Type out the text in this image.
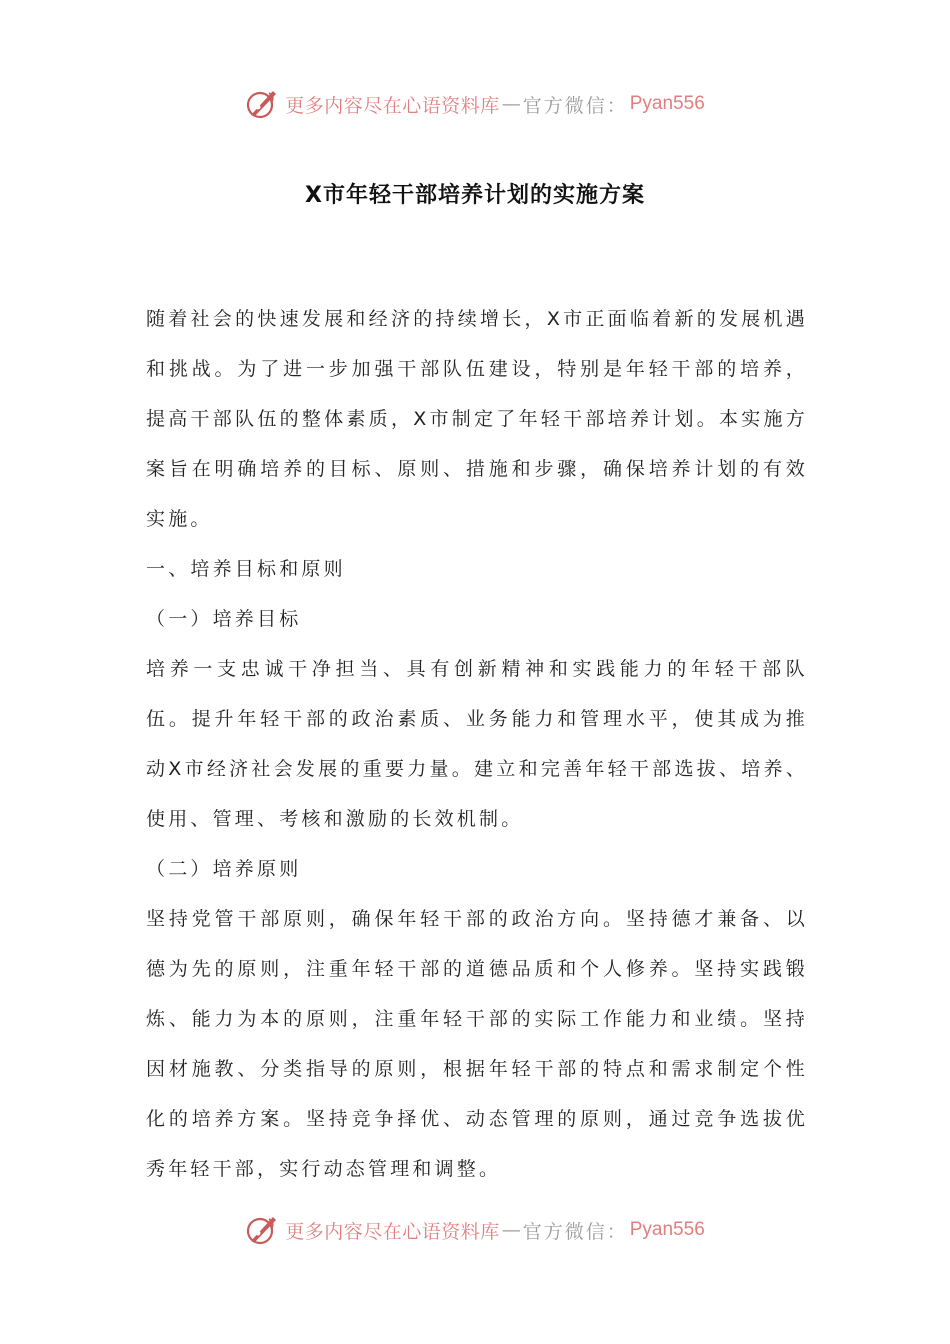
更多内容尽在心语资料库 — 官方微信： Pyan556
X市年轻干部培养计划的实施方案

随着社会的快速发展和经济的持续增长，X市正面临着新的发展机遇和挑战。为了进一步加强干部队伍建设，特别是年轻干部的培养，提高干部队伍的整体素质，X市制定了年轻干部培养计划。本实施方案旨在明确培养的目标、原则、措施和步骤，确保培养计划的有效实施。

一、培养目标和原则

（一）培养目标

培养一支忠诚干净担当、具有创新精神和实践能力的年轻干部队伍。提升年轻干部的政治素质、业务能力和管理水平，使其成为推动X市经济社会发展的重要力量。建立和完善年轻干部选拔、培养、使用、管理、考核和激励的长效机制。

（二）培养原则

坚持党管干部原则，确保年轻干部的政治方向。坚持德才兼备、以德为先的原则，注重年轻干部的道德品质和个人修养。坚持实践锻炼、能力为本的原则，注重年轻干部的实际工作能力和业绩。坚持因材施教、分类指导的原则，根据年轻干部的特点和需求制定个性化的培养方案。坚持竞争择优、动态管理的原则，通过竞争选拔优秀年轻干部，实行动态管理和调整。

更多内容尽在心语资料库 — 官方微信： Pyan556
